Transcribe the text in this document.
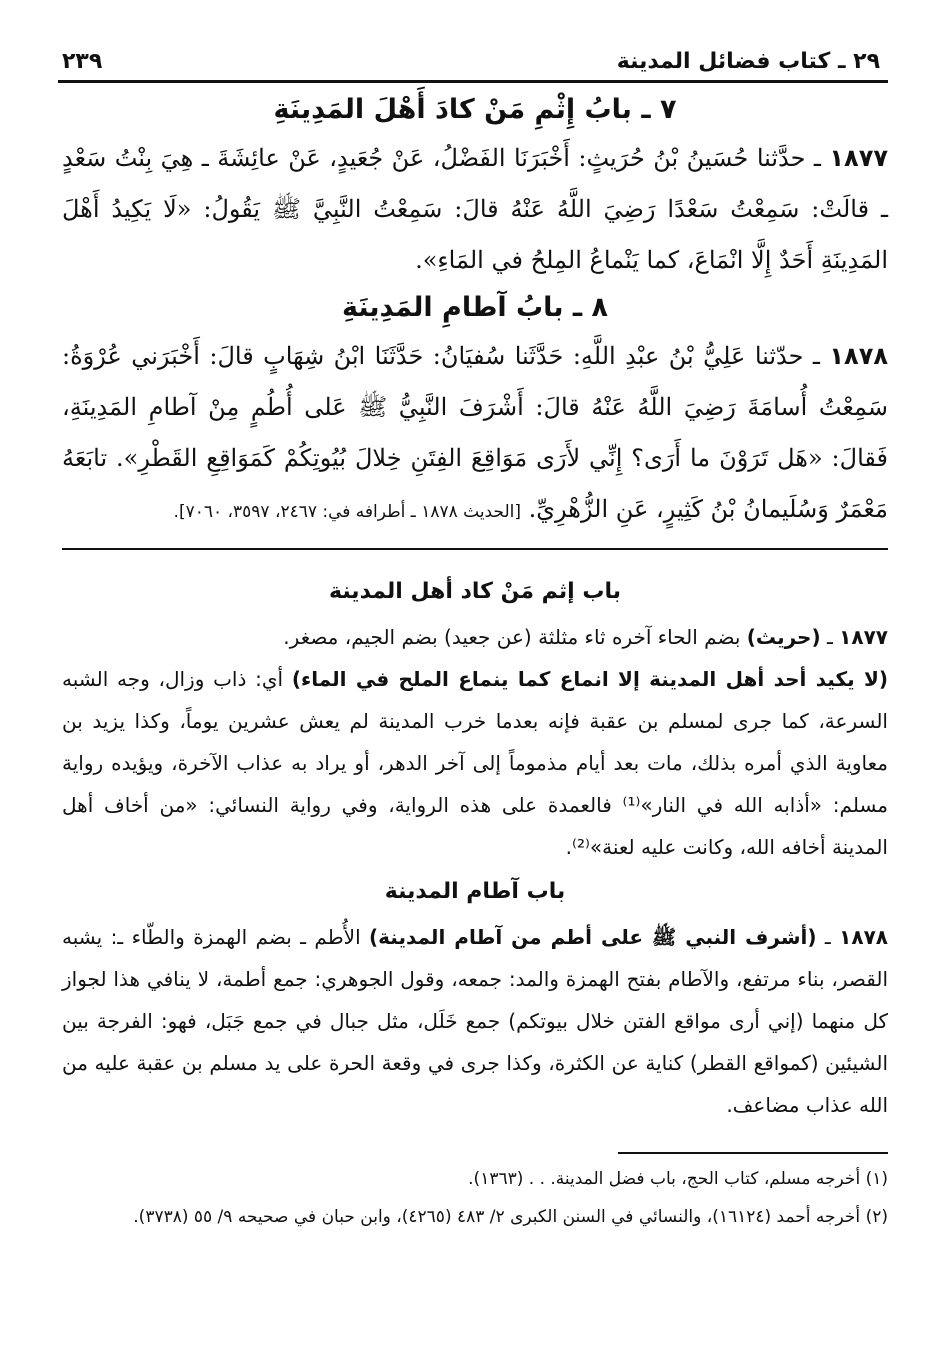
٢٩ ـ كتاب فضائل المدينة
٢٣٩
٧ ـ بابُ إِثْمِ مَنْ كادَ أَهْلَ المَدِينَةِ

١٨٧٧ ـ حدَّثنا حُسَينُ بْنُ حُرَيثٍ: أَخْبَرَنَا الفَضْلُ، عَنْ جُعَيدٍ، عَنْ عائِشَةَ ـ هِيَ بِنْتُ سَعْدٍ ـ قالَتْ: سَمِعْتُ سَعْدًا رَضِيَ اللَّهُ عَنْهُ قالَ: سَمِعْتُ النَّبِيَّ ﷺ يَقُولُ: «لَا يَكِيدُ أَهْلَ المَدِينَةِ أَحَدٌ إِلَّا انْمَاعَ، كما يَنْماعُ المِلحُ في المَاءِ».

٨ ـ بابُ آطامِ المَدِينَةِ

١٨٧٨ ـ حدّثنا عَلِيُّ بْنُ عبْدِ اللَّهِ: حَدَّثَنا سُفيَانُ: حَدَّثَنَا ابْنُ شِهَابٍ قالَ: أَخْبَرَني عُرْوَةُ: سَمِعْتُ أُسامَةَ رَضِيَ اللَّهُ عَنْهُ قالَ: أَشْرَفَ النَّبِيُّ ﷺ عَلى أُطُمٍ مِنْ آطامِ المَدِينَةِ، فَقالَ: «هَل تَرَوْنَ ما أَرَى؟ إِنِّي لأَرَى مَوَاقِعَ الفِتَنِ خِلالَ بُيُوتِكُمْ كَمَوَاقِعِ القَطْرِ». تابَعَهُ مَعْمَرٌ وَسُلَيمانُ بْنُ كَثِيرٍ، عَنِ الزُّهْرِيِّ. [الحديث ١٨٧٨ ـ أطرافه في: ٢٤٦٧، ٣٥٩٧، ٧٠٦٠].

باب إثم مَنْ كاد أهل المدينة

١٨٧٧ ـ (حريث) بضم الحاء آخره ثاء مثلثة (عن جعيد) بضم الجيم، مصغر.

(لا يكيد أحد أهل المدينة إلا انماع كما ينماع الملح في الماء) أي: ذاب وزال، وجه الشبه السرعة، كما جرى لمسلم بن عقبة فإنه بعدما خرب المدينة لم يعش عشرين يوماً، وكذا يزيد بن معاوية الذي أمره بذلك، مات بعد أيام مذموماً إلى آخر الدهر، أو يراد به عذاب الآخرة، ويؤيده رواية مسلم: «أذابه الله في النار»⁽¹⁾ فالعمدة على هذه الرواية، وفي رواية النسائي: «من أخاف أهل المدينة أخافه الله، وكانت عليه لعنة»⁽²⁾.

باب آطام المدينة

١٨٧٨ ـ (أشرف النبي ﷺ على أطم من آطام المدينة) الأُطم ـ بضم الهمزة والطّاء ـ: يشبه القصر، بناء مرتفع، والآطام بفتح الهمزة والمد: جمعه، وقول الجوهري: جمع أطمة، لا ينافي هذا لجواز كل منهما (إني أرى مواقع الفتن خلال بيوتكم) جمع خَلَل، مثل جبال في جمع جَبَل، فهو: الفرجة بين الشيئين (كمواقع القطر) كناية عن الكثرة، وكذا جرى في وقعة الحرة على يد مسلم بن عقبة عليه من الله عذاب مضاعف.

(١) أخرجه مسلم، كتاب الحج، باب فضل المدينة. . . (١٣٦٣).

(٢) أخرجه أحمد (١٦١٢٤)، والنسائي في السنن الكبرى ٢/ ٤٨٣ (٤٢٦٥)، وابن حبان في صحيحه ٩/ ٥٥ (٣٧٣٨).
